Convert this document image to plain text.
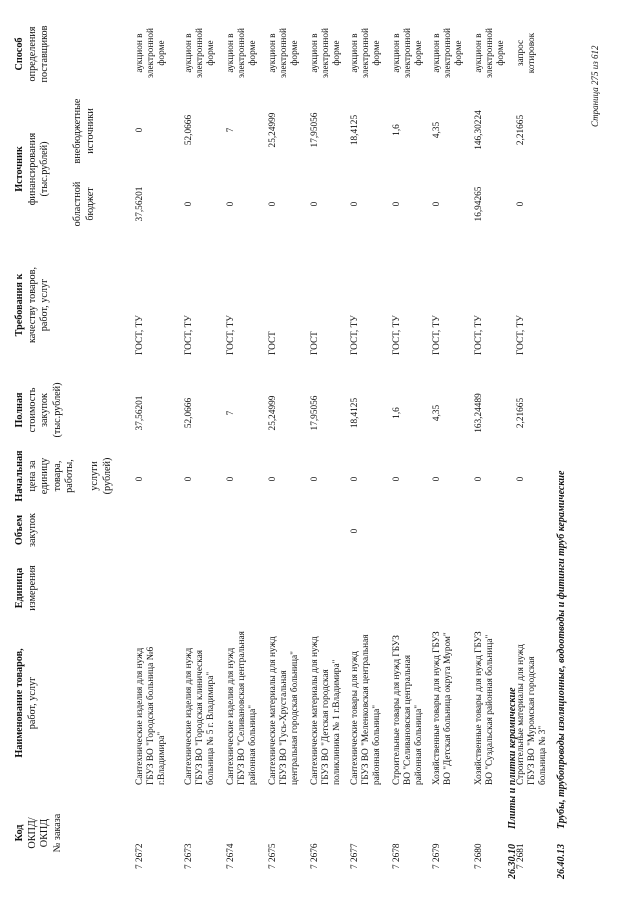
Код ОКПД/ ОКПД № заказа
Наименование товаров, работ, услуг
Единица измерения
Объем закупок
Начальная цена за единицу товара, работы, услуги (рублей)
Полная стоимость закупок (тыс.рублей)
Требования к качеству товаров, работ, услуг
Источник финансирования (тыс.рублей)
областной бюджет
внебюджетные источники
Способ определения поставщиков
7 2672
Сантехнические изделия для нужд ГБУЗ ВО "Городская больница №6 г.Владимира"
0
37,56201
ГОСТ, ТУ
37,56201
0
аукцион в электронной форме
7 2673
Сантехнические изделия для нужд ГБУЗ ВО "Городская клиническая больница № 5 г. Владимира"
0
52,0666
ГОСТ, ТУ
0
52,0666
аукцион в электронной форме
7 2674
Сантехнические изделия для нужд ГБУЗ ВО "Селивановская центральная районная больница"
0
7
ГОСТ, ТУ
0
7
аукцион в электронной форме
7 2675
Сантехнические материалы для нужд ГБУЗ ВО "Гусь-Хрустальная центральная городская больница"
0
25,24999
ГОСТ
0
25,24999
аукцион в электронной форме
7 2676
Сантехнические материалы для нужд ГБУЗ ВО "Детская городская поликлиника № 1 г.Владимира"
0
17,95056
ГОСТ
0
17,95056
аукцион в электронной форме
7 2677
Сантехнические товары для нужд ГБУЗ ВО "Меленковская центральная районная больница"
0
0
18,4125
ГОСТ, ТУ
0
18,4125
аукцион в электронной форме
7 2678
Строительные товары для нужд ГБУЗ ВО "Селивановская центральная районная больница"
0
1,6
ГОСТ, ТУ
0
1,6
аукцион в электронной форме
7 2679
Хозяйственные товары для нужд ГБУЗ ВО "Детская больница округа Муром"
0
4,35
ГОСТ, ТУ
0
4,35
аукцион в электронной форме
7 2680
Хозяйственные товары для нужд ГБУЗ ВО "Суздальская районная больница"
0
163,24489
ГОСТ, ТУ
16,94265
146,30224
аукцион в электронной форме
7 2681
Строительные материалы для нужд ГБУЗ ВО "Муромская городская больница № 3"
0
2,21665
ГОСТ, ТУ
0
2,21665
запрос котировок
26.30.10
Плиты и плитки керамические
26.40.13
Трубы, трубопроводы изоляционные, водоотводы и фитинги труб керамические
Страница 275 из 612
